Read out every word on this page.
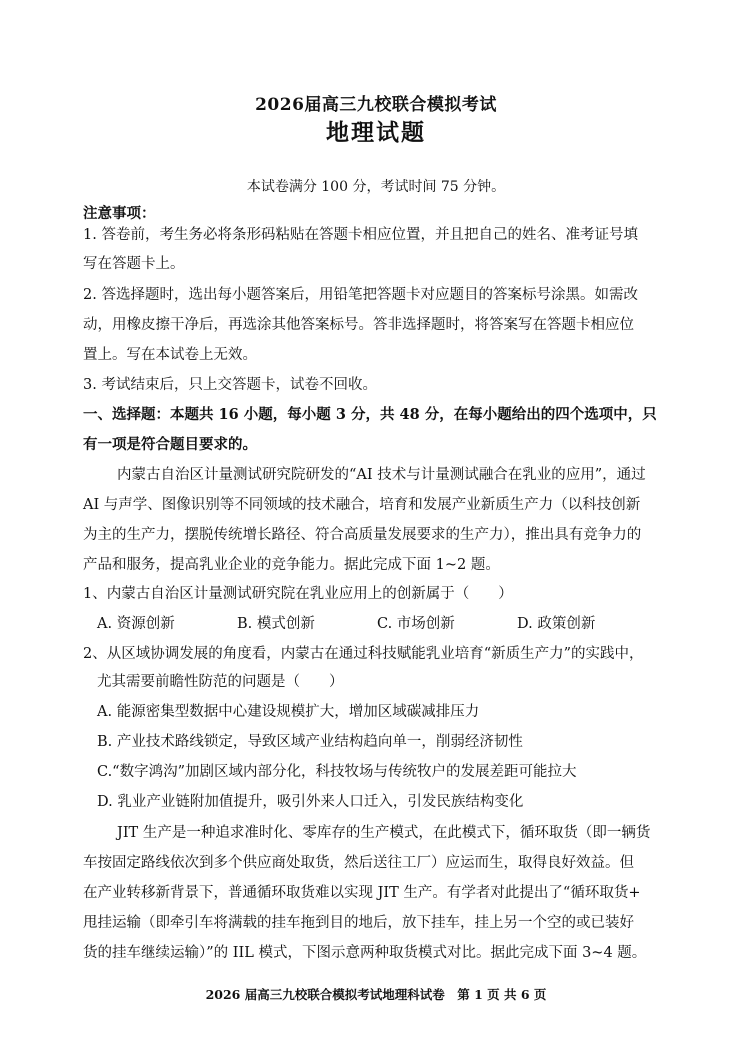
2026届高三九校联合模拟考试
地理试题
本试卷满分 100 分，考试时间 75 分钟。
注意事项：
1. 答卷前，考生务必将条形码粘贴在答题卡相应位置，并且把自己的姓名、准考证号填
写在答题卡上。
2. 答选择题时，选出每小题答案后，用铅笔把答题卡对应题目的答案标号涂黑。如需改
动，用橡皮擦干净后，再选涂其他答案标号。答非选择题时，将答案写在答题卡相应位
置上。写在本试卷上无效。
3. 考试结束后，只上交答题卡，试卷不回收。
一、选择题：本题共 16 小题，每小题 3 分，共 48 分，在每小题给出的四个选项中，只
有一项是符合题目要求的。
内蒙古自治区计量测试研究院研发的“AI 技术与计量测试融合在乳业的应用”，通过
AI 与声学、图像识别等不同领域的技术融合，培育和发展产业新质生产力（以科技创新
为主的生产力，摆脱传统增长路径、符合高质量发展要求的生产力），推出具有竞争力的
产品和服务，提高乳业企业的竞争能力。据此完成下面 1~2 题。
1、内蒙古自治区计量测试研究院在乳业应用上的创新属于（　　）
A. 资源创新	B. 模式创新	C. 市场创新	D. 政策创新
2、从区域协调发展的角度看，内蒙古在通过科技赋能乳业培育“新质生产力”的实践中，
尤其需要前瞻性防范的问题是（　　）
A. 能源密集型数据中心建设规模扩大，增加区域碳减排压力
B. 产业技术路线锁定，导致区域产业结构趋向单一，削弱经济韧性
C.“数字鸿沟”加剧区域内部分化，科技牧场与传统牧户的发展差距可能拉大
D. 乳业产业链附加值提升，吸引外来人口迁入，引发民族结构变化
JIT 生产是一种追求准时化、零库存的生产模式，在此模式下，循环取货（即一辆货
车按固定路线依次到多个供应商处取货，然后送往工厂）应运而生，取得良好效益。但
在产业转移新背景下，普通循环取货难以实现 JIT 生产。有学者对此提出了“循环取货+
甩挂运输（即牵引车将满载的挂车拖到目的地后，放下挂车，挂上另一个空的或已装好
货的挂车继续运输）”的 IIL 模式，下图示意两种取货模式对比。据此完成下面 3~4 题。
2026 届高三九校联合模拟考试地理科试卷　第 1 页 共 6 页
